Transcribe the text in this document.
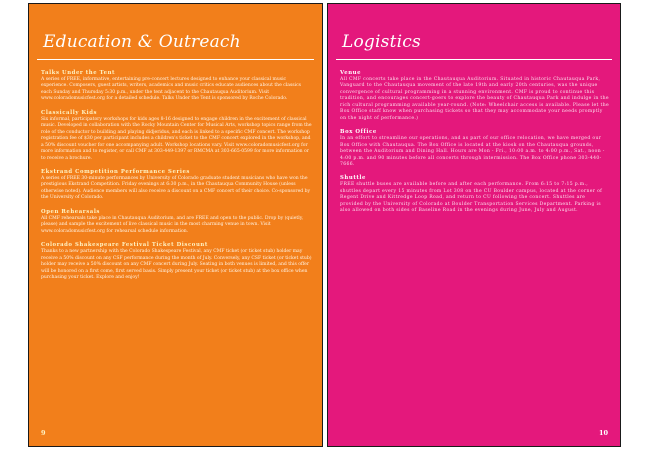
Education & Outreach
Talks Under the Tent
A series of FREE, informative, entertaining pre-concert lectures designed to enhance your classical music experience. Composers, guest artists, writers, academics and music critics educate audiences about the classics each Sunday and Thursday 5:30 p.m., under the tent adjacent to the Chautauqua Auditorium. Visit www.coloradomusicfest.org for a detailed schedule. Talks Under the Tent is sponsored by Roche Colorado.
Classically Kids
Six informal, participatory workshops for kids ages 8-16 designed to engage children in the excitement of classical music. Developed in collaboration with the Rocky Mountain Center for Musical Arts, workshop topics range from the role of the conductor to building and playing didjeridus, and each is linked to a specific CMF concert. The workshop registration fee of $30 per participant includes a children's ticket to the CMF concert explored in the workshop, and a 50% discount voucher for one accompanying adult. Workshop locations vary. Visit www.coloradomusicfest.org for more information and to register, or call CMF at 303-449-1397 or RMCMA at 303-665-0599 for more information or to receive a brochure.
Ekstrand Competition Performance Series
A series of FREE 30-minute performances by University of Colorado graduate student musicians who have won the prestigious Ekstrand Competition. Friday evenings at 6:30 p.m., in the Chautauqua Community House (unless otherwise noted). Audience members will also receive a discount on a CMF concert of their choice. Co-sponsored by the University of Colorado.
Open Rehearsals
All CMF rehearsals take place in Chautauqua Auditorium, and are FREE and open to the public. Drop by (quietly, please) and sample the excitement of live classical music in the most charming venue in town. Visit www.coloradomusicfest.org for rehearsal schedule information.
Colorado Shakespeare Festival Ticket Discount
Thanks to a new partnership with the Colorado Shakespeare Festival, any CMF ticket (or ticket stub) holder may receive a 50% discount on any CSF performance during the month of July. Conversely, any CSF ticket (or ticket stub) holder may receive a 50% discount on any CMF concert during July. Seating in both venues is limited, and this offer will be honored on a first come, first served basis. Simply present your ticket (or ticket stub) at the box office when purchasing your ticket. Explore and enjoy!
9
Logistics
Venue
All CMF concerts take place in the Chautauqua Auditorium. Situated in historic Chautauqua Park, Vanguard to the Chautauqua movement of the late 19th and early 20th centuries, was the unique convergence of cultural programming in a stunning environment. CMF is proud to continue this tradition, and encourages concert-goers to explore the beauty of Chautauqua Park and indulge in the rich cultural programming available year-round. (Note: Wheelchair access is available. Please let the Box Office staff know when purchasing tickets so that they may accommodate your needs promptly on the night of performance.)
Box Office
In an effort to streamline our operations, and as part of our office relocation, we have merged our Box Office with Chautauqua. The Box Office is located at the kiosk on the Chautauqua grounds, between the Auditorium and Dining Hall. Hours are Mon - Fri., 10:00 a.m. to 4:00 p.m., Sat., noon - 4:00 p.m. and 90 minutes before all concerts through intermission. The Box Office phone 303-440-7666.
Shuttle
FREE shuttle buses are available before and after each performance. From 6:15 to 7:15 p.m., shuttles depart every 15 minutes from Lot 308 on the CU Boulder campus, located at the corner of Regent Drive and Kittredge Loop Road, and return to CU following the concert. Shuttles are provided by the University of Colorado at Boulder Transportation Services Department. Parking is also allowed on both sides of Baseline Road in the evenings during June, July and August.
10
